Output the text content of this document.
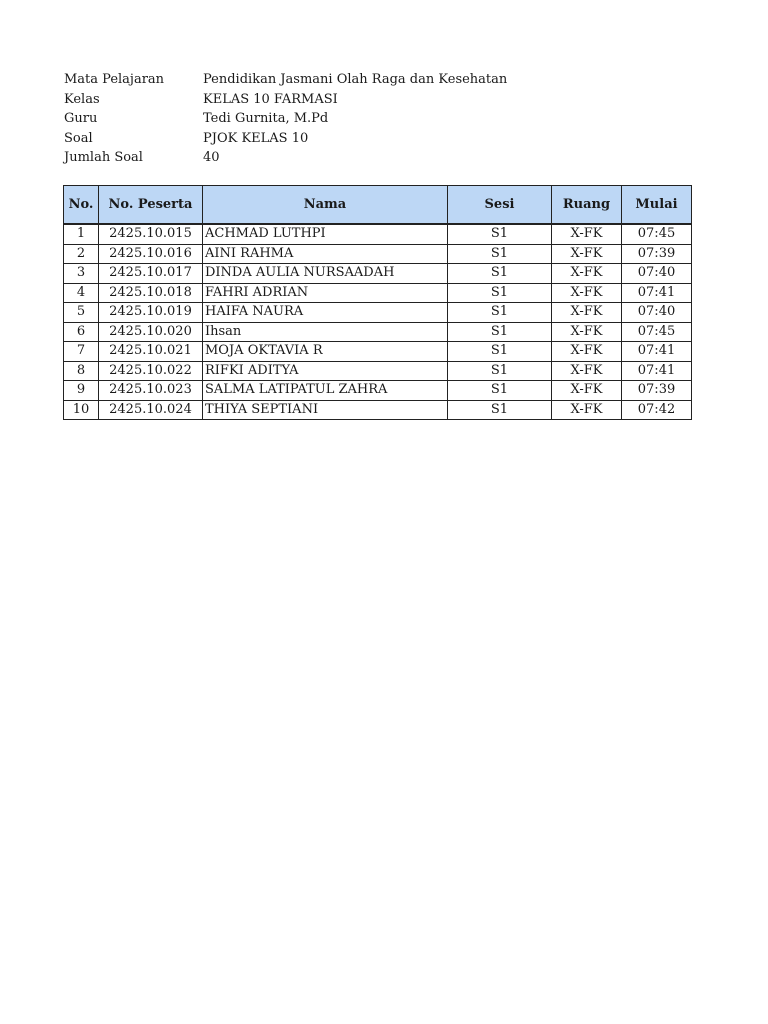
Mata Pelajaran	Pendidikan Jasmani Olah Raga dan Kesehatan
Kelas	KELAS 10 FARMASI
Guru	Tedi Gurnita, M.Pd
Soal	PJOK KELAS 10
Jumlah Soal	40
No.	No. Peserta	Nama	Sesi	Ruang	Mulai
1	2425.10.015	ACHMAD LUTHPI	S1	X-FK	07:45
2	2425.10.016	AINI RAHMA	S1	X-FK	07:39
3	2425.10.017	DINDA AULIA NURSAADAH	S1	X-FK	07:40
4	2425.10.018	FAHRI ADRIAN	S1	X-FK	07:41
5	2425.10.019	HAIFA NAURA	S1	X-FK	07:40
6	2425.10.020	Ihsan	S1	X-FK	07:45
7	2425.10.021	MOJA OKTAVIA R	S1	X-FK	07:41
8	2425.10.022	RIFKI ADITYA	S1	X-FK	07:41
9	2425.10.023	SALMA LATIPATUL ZAHRA	S1	X-FK	07:39
10	2425.10.024	THIYA SEPTIANI	S1	X-FK	07:42
